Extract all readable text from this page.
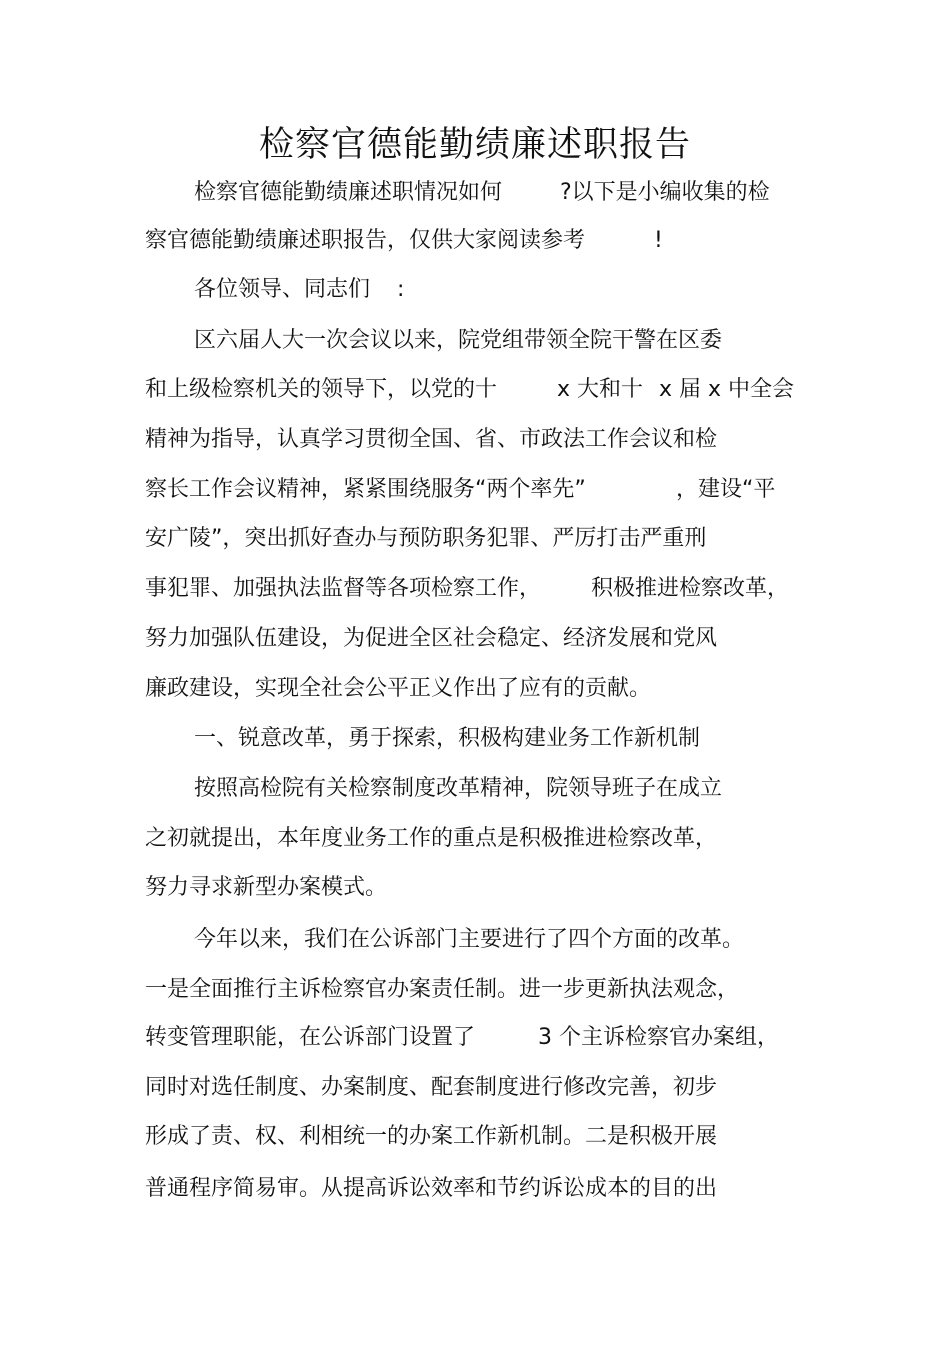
检察官德能勤绩廉述职报告
检察官德能勤绩廉述职情况如何	?以下是小编收集的检
察官德能勤绩廉述职报告，仅供大家阅读参考	!
各位领导、同志们 :
区六届人大一次会议以来，院党组带领全院干警在区委
和上级检察机关的领导下，以党的十	x 大和十 x 届 x 中全会
精神为指导，认真学习贯彻全国、省、市政法工作会议和检
察长工作会议精神，紧紧围绕服务“两个率先”	，建设“平
安广陵”，突出抓好查办与预防职务犯罪、严厉打击严重刑
事犯罪、加强执法监督等各项检察工作， 积极推进检察改革，
努力加强队伍建设，为促进全区社会稳定、经济发展和党风
廉政建设，实现全社会公平正义作出了应有的贡献。
一、锐意改革，勇于探索，积极构建业务工作新机制
按照高检院有关检察制度改革精神，院领导班子在成立
之初就提出，本年度业务工作的重点是积极推进检察改革，
努力寻求新型办案模式。
今年以来，我们在公诉部门主要进行了四个方面的改革。
一是全面推行主诉检察官办案责任制。进一步更新执法观念，
转变管理职能，在公诉部门设置了	3 个主诉检察官办案组，
同时对选任制度、办案制度、配套制度进行修改完善，初步
形成了责、权、利相统一的办案工作新机制。二是积极开展
普通程序简易审。从提高诉讼效率和节约诉讼成本的目的出
